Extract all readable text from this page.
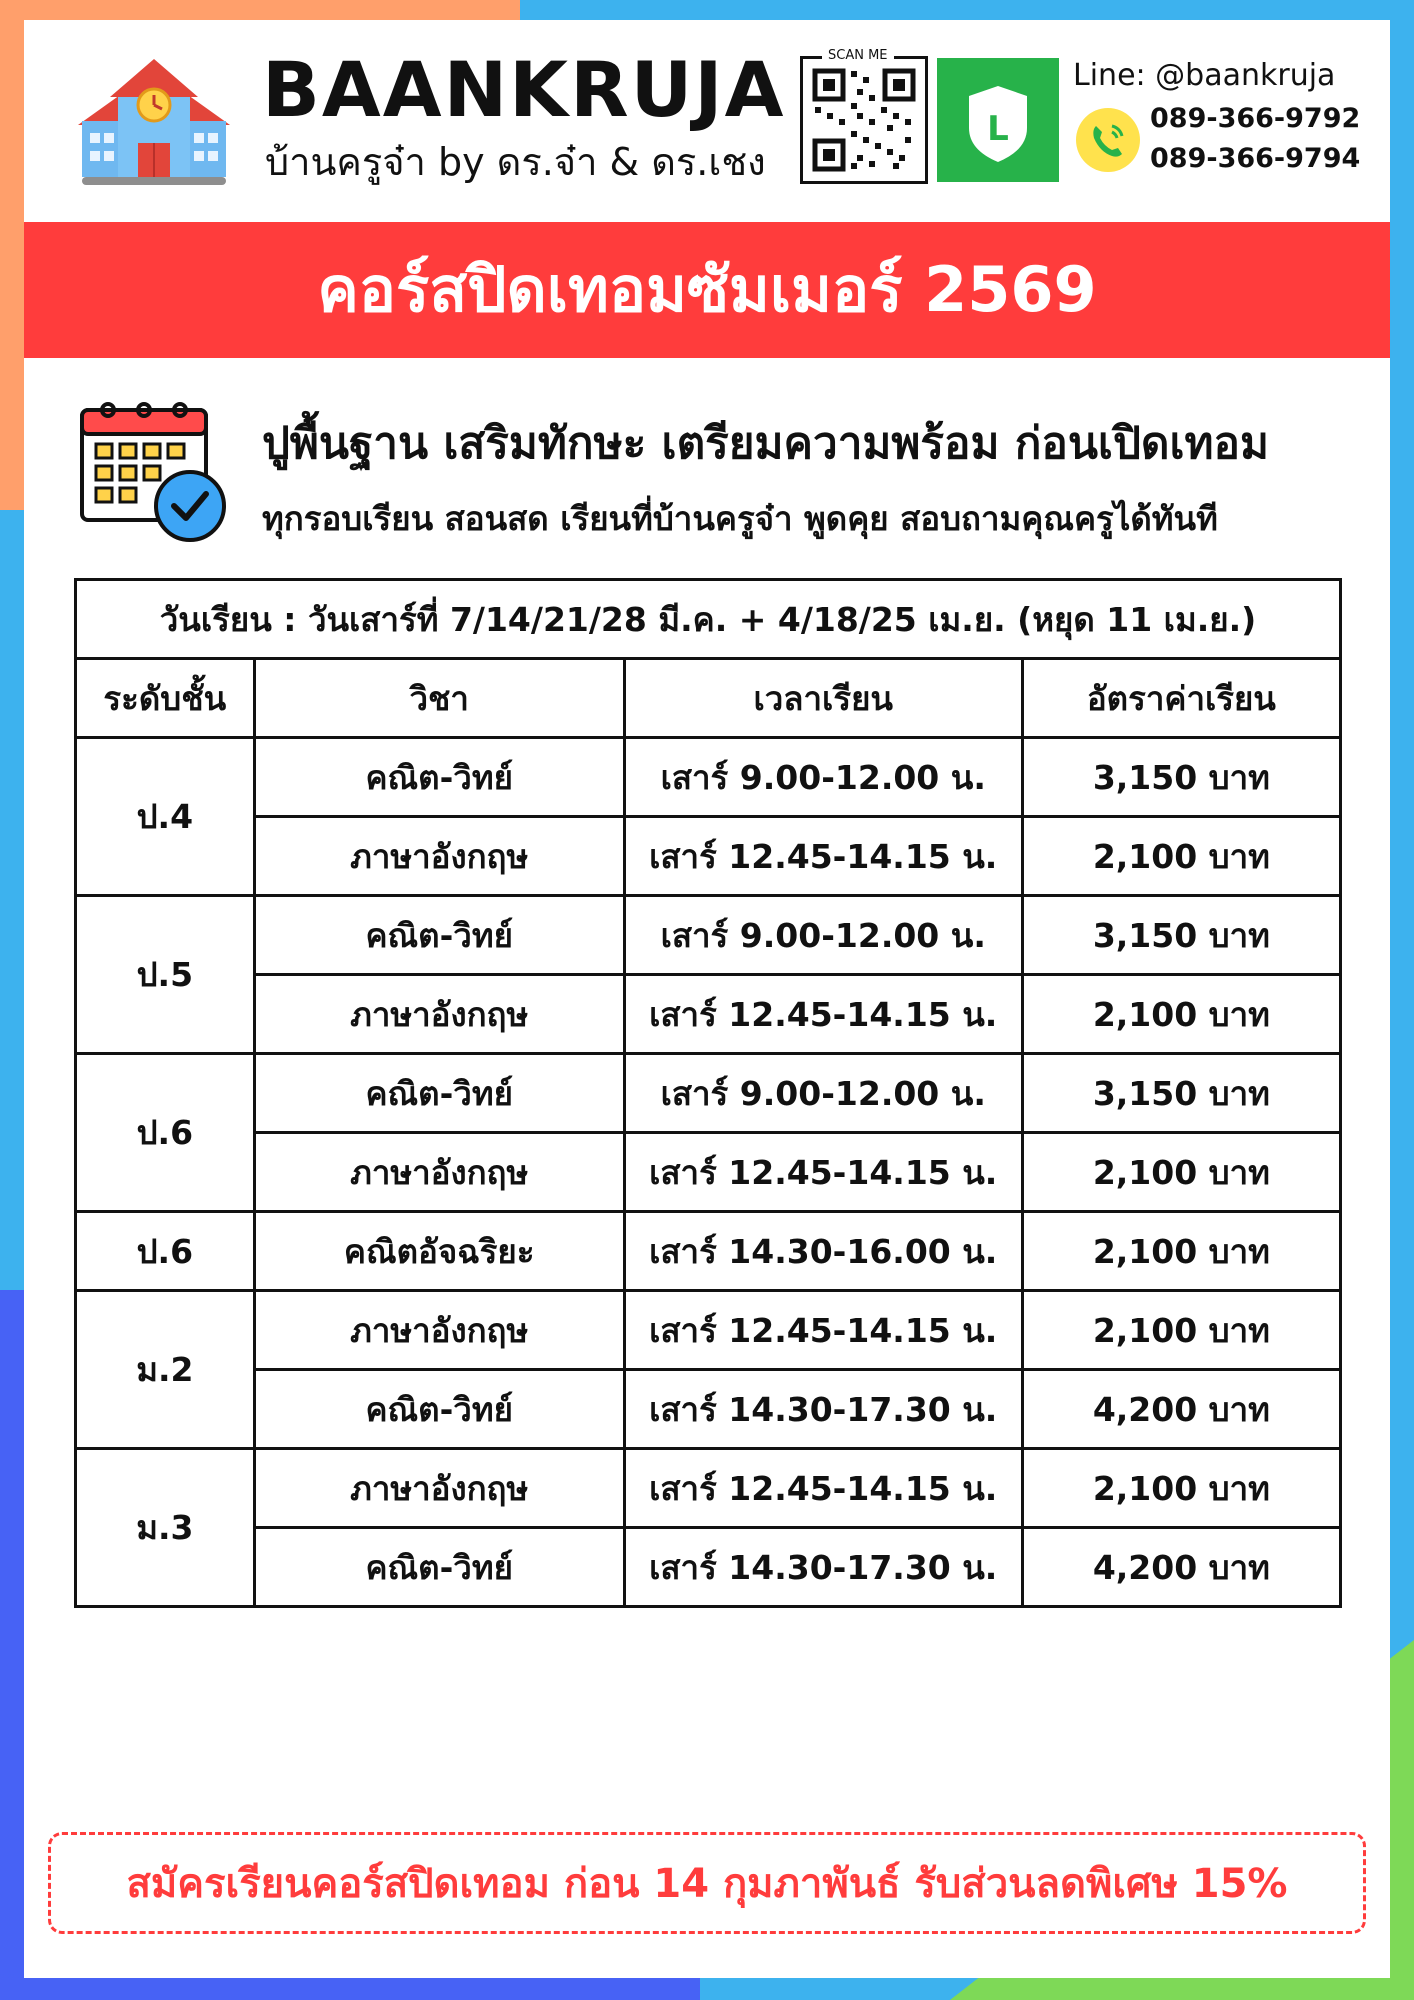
BAANKRUJA
บ้านครูจ๋า by ดร.จ๋า & ดร.เชง
SCAN ME
L
Line: @baankruja
089-366-9792
089-366-9794
คอร์สปิดเทอมซัมเมอร์ 2569
ปูพื้นฐาน เสริมทักษะ เตรียมความพร้อม ก่อนเปิดเทอม
ทุกรอบเรียน สอนสด เรียนที่บ้านครูจ๋า พูดคุย สอบถามคุณครูได้ทันที
วันเรียน : วันเสาร์ที่ 7/14/21/28 มี.ค. + 4/18/25 เม.ย. (หยุด 11 เม.ย.)			
ระดับชั้น	วิชา	เวลาเรียน	อัตราค่าเรียน
ป.4	คณิต-วิทย์	เสาร์ 9.00-12.00 น.	3,150 บาท
	ภาษาอังกฤษ	เสาร์ 12.45-14.15 น.	2,100 บาท
ป.5	คณิต-วิทย์	เสาร์ 9.00-12.00 น.	3,150 บาท
	ภาษาอังกฤษ	เสาร์ 12.45-14.15 น.	2,100 บาท
ป.6	คณิต-วิทย์	เสาร์ 9.00-12.00 น.	3,150 บาท
	ภาษาอังกฤษ	เสาร์ 12.45-14.15 น.	2,100 บาท
ป.6	คณิตอัจฉริยะ	เสาร์ 14.30-16.00 น.	2,100 บาท
ม.2	ภาษาอังกฤษ	เสาร์ 12.45-14.15 น.	2,100 บาท
	คณิต-วิทย์	เสาร์ 14.30-17.30 น.	4,200 บาท
ม.3	ภาษาอังกฤษ	เสาร์ 12.45-14.15 น.	2,100 บาท
	คณิต-วิทย์	เสาร์ 14.30-17.30 น.	4,200 บาท
สมัครเรียนคอร์สปิดเทอม ก่อน 14 กุมภาพันธ์ รับส่วนลดพิเศษ 15%
